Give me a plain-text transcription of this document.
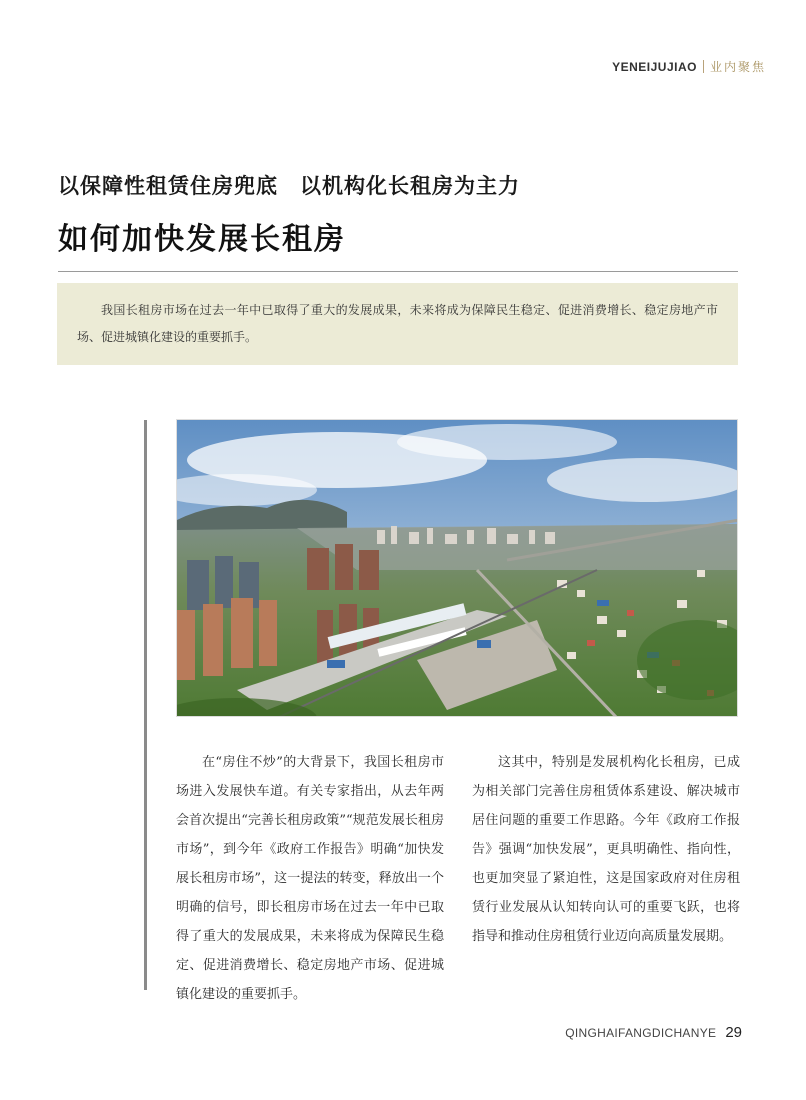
YENEIJUJIAO 业内聚焦
以保障性租赁住房兜底　以机构化长租房为主力
如何加快发展长租房
我国长租房市场在过去一年中已取得了重大的发展成果，未来将成为保障民生稳定、促进消费增长、稳定房地产市场、促进城镇化建设的重要抓手。

在“房住不炒”的大背景下，我国长租房市场进入发展快车道。有关专家指出，从去年两会首次提出“完善长租房政策”“规范发展长租房市场”，到今年《政府工作报告》明确“加快发展长租房市场”，这一提法的转变，释放出一个明确的信号，即长租房市场在过去一年中已取得了重大的发展成果，未来将成为保障民生稳定、促进消费增长、稳定房地产市场、促进城镇化建设的重要抓手。

这其中，特别是发展机构化长租房，已成为相关部门完善住房租赁体系建设、解决城市居住问题的重要工作思路。今年《政府工作报告》强调“加快发展”，更具明确性、指向性，也更加突显了紧迫性，这是国家政府对住房租赁行业发展从认知转向认可的重要飞跃，也将指导和推动住房租赁行业迈向高质量发展期。

QINGHAIFANGDICHANYE 29
